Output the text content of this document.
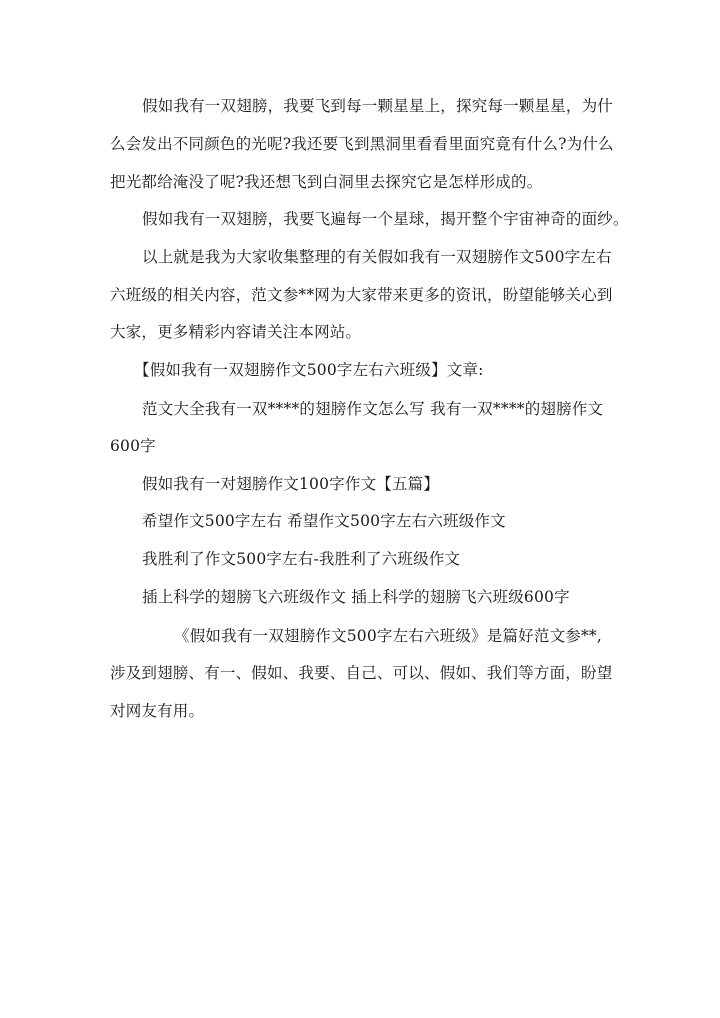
假如我有一双翅膀，我要飞到每一颗星星上，探究每一颗星星，为什
么会发出不同颜色的光呢?我还要飞到黑洞里看看里面究竟有什么?为什么
把光都给淹没了呢?我还想飞到白洞里去探究它是怎样形成的。
假如我有一双翅膀，我要飞遍每一个星球，揭开整个宇宙神奇的面纱。
以上就是我为大家收集整理的有关假如我有一双翅膀作文500字左右
六班级的相关内容，范文参**网为大家带来更多的资讯，盼望能够关心到
大家，更多精彩内容请关注本网站。
【假如我有一双翅膀作文500字左右六班级】文章:
范文大全我有一双****的翅膀作文怎么写 我有一双****的翅膀作文
600字
假如我有一对翅膀作文100字作文【五篇】
希望作文500字左右 希望作文500字左右六班级作文
我胜利了作文500字左右-我胜利了六班级作文
插上科学的翅膀飞六班级作文 插上科学的翅膀飞六班级600字
《假如我有一双翅膀作文500字左右六班级》是篇好范文参**,
涉及到翅膀、有一、假如、我要、自己、可以、假如、我们等方面，盼望
对网友有用。
